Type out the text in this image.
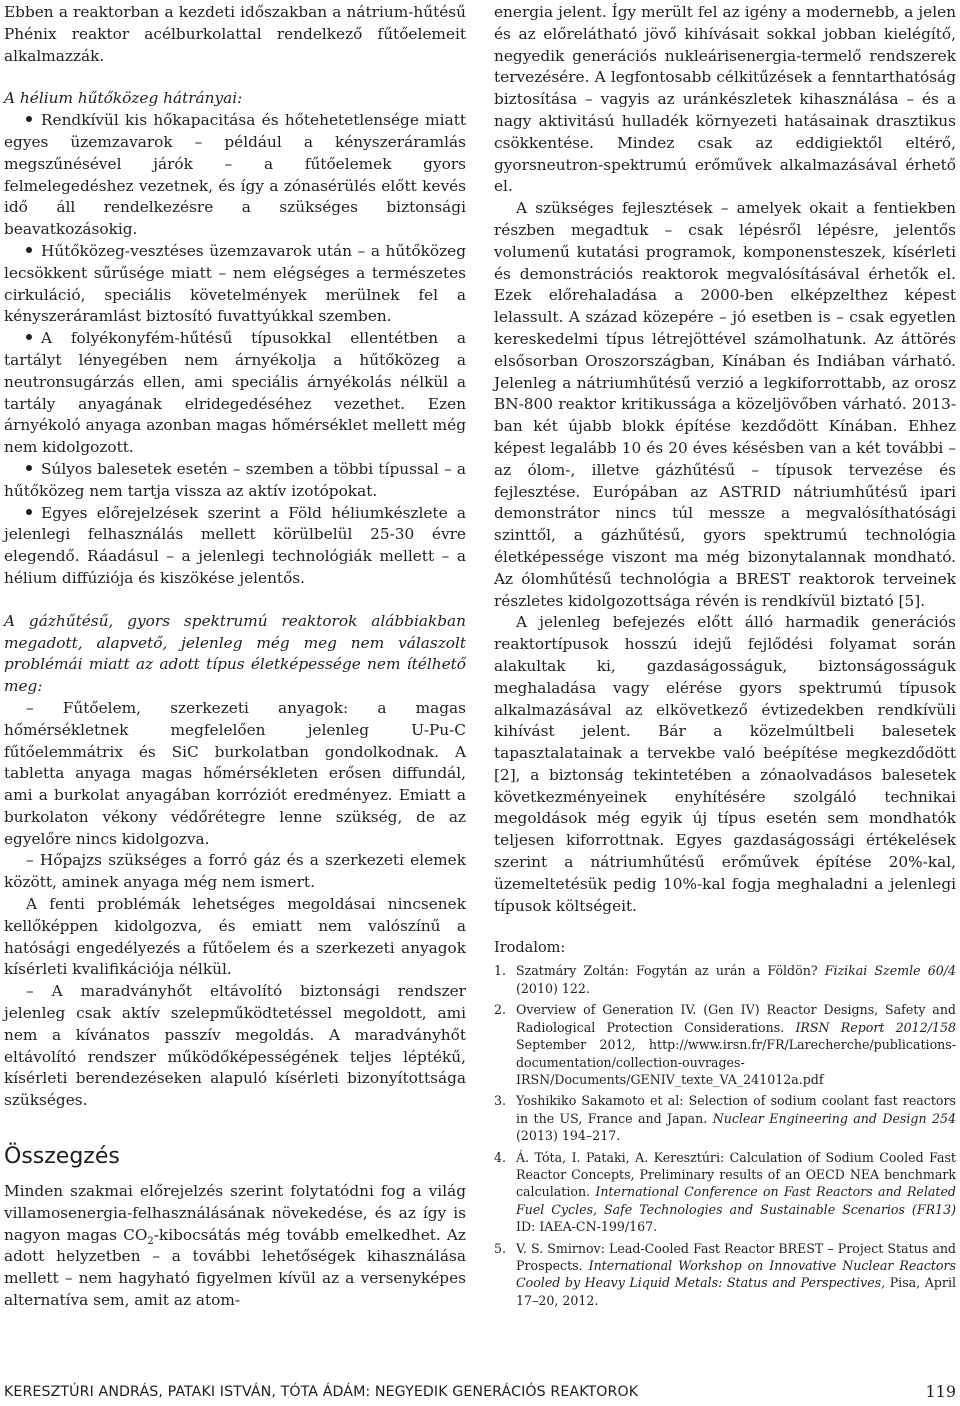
Ebben a reaktorban a kezdeti időszakban a nátrium-hűtésű Phénix reaktor acélburkolattal rendelkező fűtőelemeit alkalmazzák.

A hélium hűtőközeg hátrányai:

Rendkívül kis hőkapacitása és hőtehetetlensége miatt egyes üzemzavarok – például a kényszeráramlás megszűnésével járók – a fűtőelemek gyors felmelegedéshez vezetnek, és így a zónasérülés előtt kevés idő áll rendelkezésre a szükséges biztonsági beavatkozásokig.

Hűtőközeg-vesztéses üzemzavarok után – a hűtőközeg lecsökkent sűrűsége miatt – nem elégséges a természetes cirkuláció, speciális követelmények merülnek fel a kényszeráramlást biztosító fuvattyúkkal szemben.

A folyékonyfém-hűtésű típusokkal ellentétben a tartályt lényegében nem árnyékolja a hűtőközeg a neutronsugárzás ellen, ami speciális árnyékolás nélkül a tartály anyagának elridegedéséhez vezethet. Ezen árnyékoló anyaga azonban magas hőmérséklet mellett még nem kidolgozott.

Súlyos balesetek esetén – szemben a többi típussal – a hűtőközeg nem tartja vissza az aktív izotópokat.

Egyes előrejelzések szerint a Föld héliumkészlete a jelenlegi felhasználás mellett körülbelül 25-30 évre elegendő. Ráadásul – a jelenlegi technológiák mellett – a hélium diffúziója és kiszökése jelentős.

A gázhűtésű, gyors spektrumú reaktorok alábbiakban megadott, alapvető, jelenleg még meg nem válaszolt problémái miatt az adott típus életképessége nem ítélhető meg:

– Fűtőelem, szerkezeti anyagok: a magas hőmérsékletnek megfelelően jelenleg U-Pu-C fűtőelemmátrix és SiC burkolatban gondolkodnak. A tabletta anyaga magas hőmérsékleten erősen diffundál, ami a burkolat anyagában korróziót eredményez. Emiatt a burkolaton vékony védőrétegre lenne szükség, de az egyelőre nincs kidolgozva.

– Hőpajzs szükséges a forró gáz és a szerkezeti elemek között, aminek anyaga még nem ismert.

A fenti problémák lehetséges megoldásai nincsenek kellőképpen kidolgozva, és emiatt nem valószínű a hatósági engedélyezés a fűtőelem és a szerkezeti anyagok kísérleti kvalifikációja nélkül.

– A maradványhőt eltávolító biztonsági rendszer jelenleg csak aktív szelepműködtetéssel megoldott, ami nem a kívánatos passzív megoldás. A maradványhőt eltávolító rendszer működőképességének teljes léptékű, kísérleti berendezéseken alapuló kísérleti bizonyítottsága szükséges.

Összegzés

Minden szakmai előrejelzés szerint folytatódni fog a világ villamosenergia-felhasználásának növekedése, és az így is nagyon magas $CO_2$-kibocsátás még tovább emelkedhet. Az adott helyzetben – a további lehetőségek kihasználása mellett – nem hagyható figyelmen kívül az a versenyképes alternatíva sem, amit az atom-

energia jelent. Így merült fel az igény a modernebb, a jelen és az előrelátható jövő kihívásait sokkal jobban kielégítő, negyedik generációs nukleárisenergia-termelő rendszerek tervezésére. A legfontosabb célkitűzések a fenntarthatóság biztosítása – vagyis az uránkészletek kihasználása – és a nagy aktivitású hulladék környezeti hatásainak drasztikus csökkentése. Mindez csak az eddigiektől eltérő, gyorsneutron-spektrumú erőművek alkalmazásával érhető el.

A szükséges fejlesztések – amelyek okait a fentiekben részben megadtuk – csak lépésről lépésre, jelentős volumenű kutatási programok, komponensteszek, kísérleti és demonstrációs reaktorok megvalósításával érhetők el. Ezek előrehaladása a 2000-ben elképzelthez képest lelassult. A század közepére – jó esetben is – csak egyetlen kereskedelmi típus létrejöttével számolhatunk. Az áttörés elsősorban Oroszországban, Kínában és Indiában várható. Jelenleg a nátriumhűtésű verzió a legkiforrottabb, az orosz BN-800 reaktor kritikussága a közeljövőben várható. 2013-ban két újabb blokk építése kezdődött Kínában. Ehhez képest legalább 10 és 20 éves késésben van a két további – az ólom-, illetve gázhűtésű – típusok tervezése és fejlesztése. Európában az ASTRID nátriumhűtésű ipari demonstrátor nincs túl messze a megvalósíthatósági szinttől, a gázhűtésű, gyors spektrumú technológia életképessége viszont ma még bizonytalannak mondható. Az ólomhűtésű technológia a BREST reaktorok terveinek részletes kidolgozottsága révén is rendkívül biztató [5].

A jelenleg befejezés előtt álló harmadik generációs reaktortípusok hosszú idejű fejlődési folyamat során alakultak ki, gazdaságosságuk, biztonságosságuk meghaladása vagy elérése gyors spektrumú típusok alkalmazásával az elkövetkező évtizedekben rendkívüli kihívást jelent. Bár a közelmúltbeli balesetek tapasztalatainak a tervekbe való beépítése megkezdődött [2], a biztonság tekintetében a zónaolvadásos balesetek következményeinek enyhítésére szolgáló technikai megoldások még egyik új típus esetén sem mondhatók teljesen kiforrottnak. Egyes gazdaságossági értékelések szerint a nátriumhűtésű erőművek építése 20%-kal, üzemeltetésük pedig 10%-kal fogja meghaladni a jelenlegi típusok költségeit.

Irodalom:
1. Szatmáry Zoltán: Fogytán az urán a Földön? Fizikai Szemle 60/4 (2010) 122.
2. Overview of Generation IV. (Gen IV) Reactor Designs, Safety and Radiological Protection Considerations. IRSN Report 2012/158 September 2012, http://www.irsn.fr/FR/Larecherche/publications-documentation/collection-ouvrages-IRSN/Documents/GENIV_texte_VA_241012a.pdf
3. Yoshikiko Sakamoto et al: Selection of sodium coolant fast reactors in the US, France and Japan. Nuclear Engineering and Design 254 (2013) 194–217.
4. Á. Tóta, I. Pataki, A. Keresztúri: Calculation of Sodium Cooled Fast Reactor Concepts, Preliminary results of an OECD NEA benchmark calculation. International Conference on Fast Reactors and Related Fuel Cycles, Safe Technologies and Sustainable Scenarios (FR13) ID: IAEA-CN-199/167.
5. V. S. Smirnov: Lead-Cooled Fast Reactor BREST – Project Status and Prospects. International Workshop on Innovative Nuclear Reactors Cooled by Heavy Liquid Metals: Status and Perspectives, Pisa, April 17–20, 2012.
KERESZTÚRI ANDRÁS, PATAKI ISTVÁN, TÓTA ÁDÁM: NEGYEDIK GENERÁCIÓS REAKTOROK	119
